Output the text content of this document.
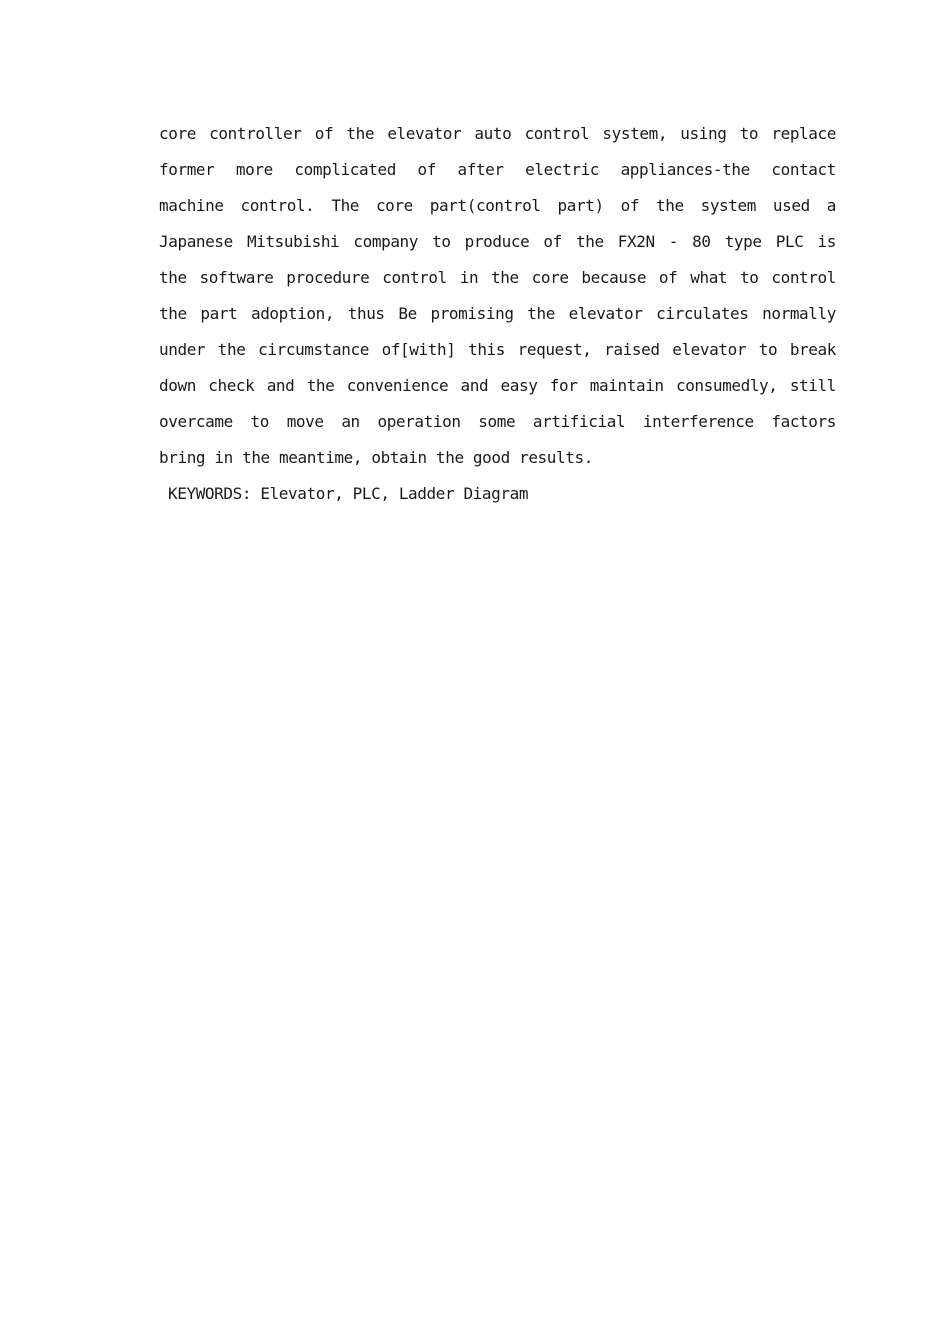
core controller of the elevator auto control system, using to replace
former more complicated of after electric appliances-the contact
machine control. The core part(control part) of the system used a
Japanese Mitsubishi company to produce of the FX2N - 80 type PLC is
the software procedure control in the core because of what to control
the part adoption, thus Be promising the elevator circulates normally
under the circumstance of[with] this request, raised elevator to break
down check and the convenience and easy for maintain consumedly, still
overcame to move an operation some artificial interference factors
bring in the meantime, obtain the good results.
KEYWORDS: Elevator, PLC, Ladder Diagram
